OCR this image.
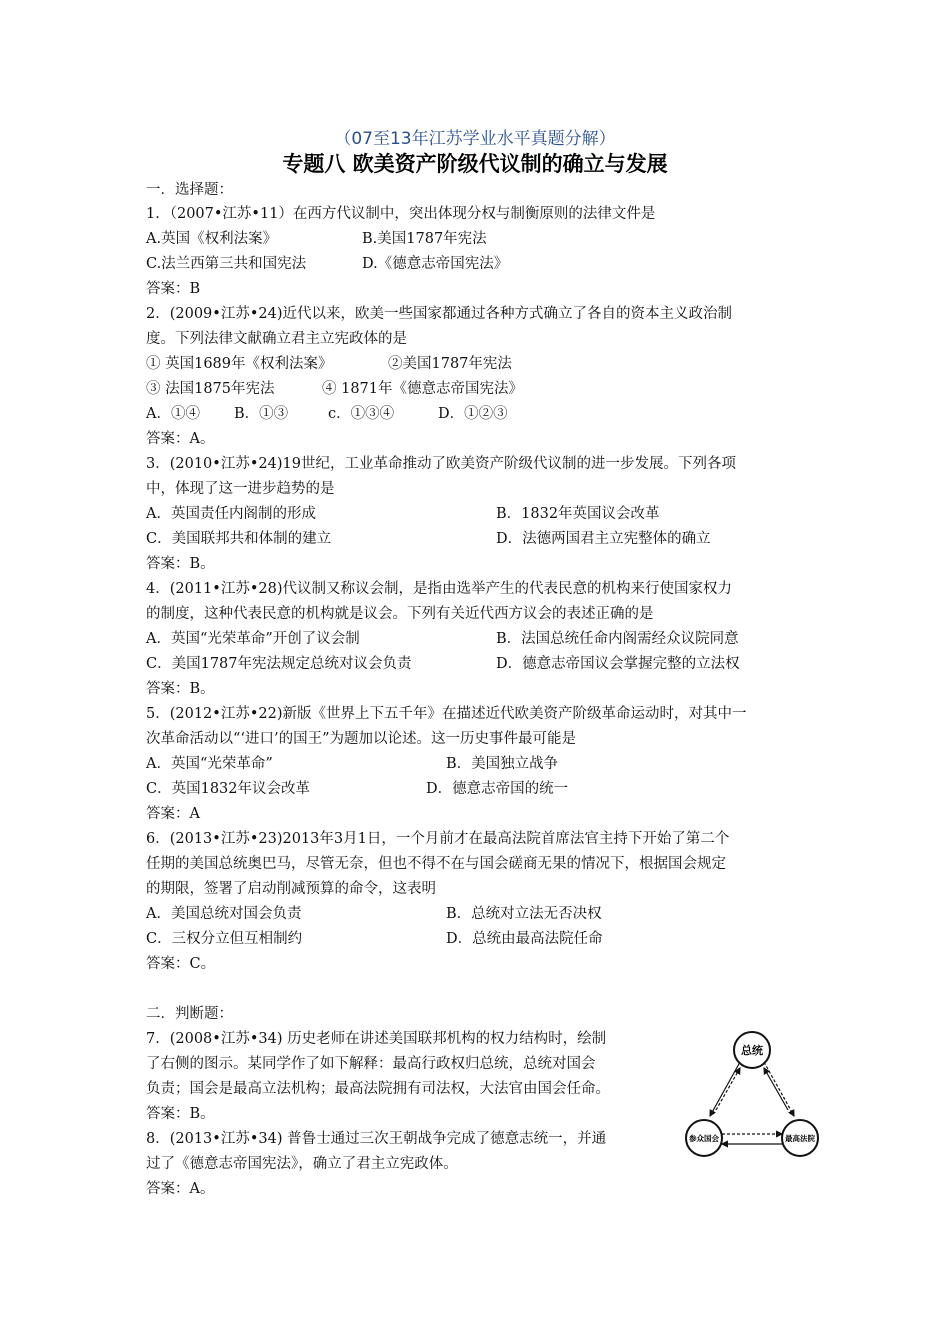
（07至13年江苏学业水平真题分解）
专题八 欧美资产阶级代议制的确立与发展
一．选择题：
1．（2007•江苏•11）在西方代议制中，突出体现分权与制衡原则的法律文件是
A.英国《权利法案》	B.美国1787年宪法
C.法兰西第三共和国宪法	D.《德意志帝国宪法》
答案：B
2．(2009•江苏•24)近代以来，欧美一些国家都通过各种方式确立了各自的资本主义政治制
度。下列法律文献确立君主立宪政体的是
① 英国1689年《权利法案》	②美国1787年宪法
③ 法国1875年宪法	④ 1871年《德意志帝国宪法》
A．①④ B．①③	c．①③④	D．①②③
答案：A。
3．(2010•江苏•24)19世纪，工业革命推动了欧美资产阶级代议制的进一步发展。下列各项
中，体现了这一进步趋势的是
A．英国责任内阁制的形成	B．1832年英国议会改革
C．美国联邦共和体制的建立	D．法德两国君主立宪整体的确立
答案：B。
4．(2011•江苏•28)代议制又称议会制，是指由选举产生的代表民意的机构来行使国家权力
的制度，这种代表民意的机构就是议会。下列有关近代西方议会的表述正确的是
A．英国“光荣革命”开创了议会制	B．法国总统任命内阁需经众议院同意
C．美国1787年宪法规定总统对议会负责	D．德意志帝国议会掌握完整的立法权
答案：B。
5．(2012•江苏•22)新版《世界上下五千年》在描述近代欧美资产阶级革命运动时，对其中一
次革命活动以“‘进口’的国王”为题加以论述。这一历史事件最可能是
A．英国“光荣革命”	B．美国独立战争
C．英国1832年议会改革	D．德意志帝国的统一
答案：A
6．(2013•江苏•23)2013年3月1日，一个月前才在最高法院首席法官主持下开始了第二个
任期的美国总统奥巴马，尽管无奈，但也不得不在与国会磋商无果的情况下，根据国会规定
的期限，签署了启动削减预算的命令，这表明
A．美国总统对国会负责	B．总统对立法无否决权
C．三权分立但互相制约	D．总统由最高法院任命
答案：C。
二．判断题：
7．(2008•江苏•34) 历史老师在讲述美国联邦机构的权力结构时，绘制
了右侧的图示。某同学作了如下解释：最高行政权归总统，总统对国会
负责；国会是最高立法机构；最高法院拥有司法权，大法官由国会任命。
答案：B。
8．(2013•江苏•34) 普鲁士通过三次王朝战争完成了德意志统一，并通
过了《德意志帝国宪法》，确立了君主立宪政体。
答案：A。
总统
参众国会	最高法院
